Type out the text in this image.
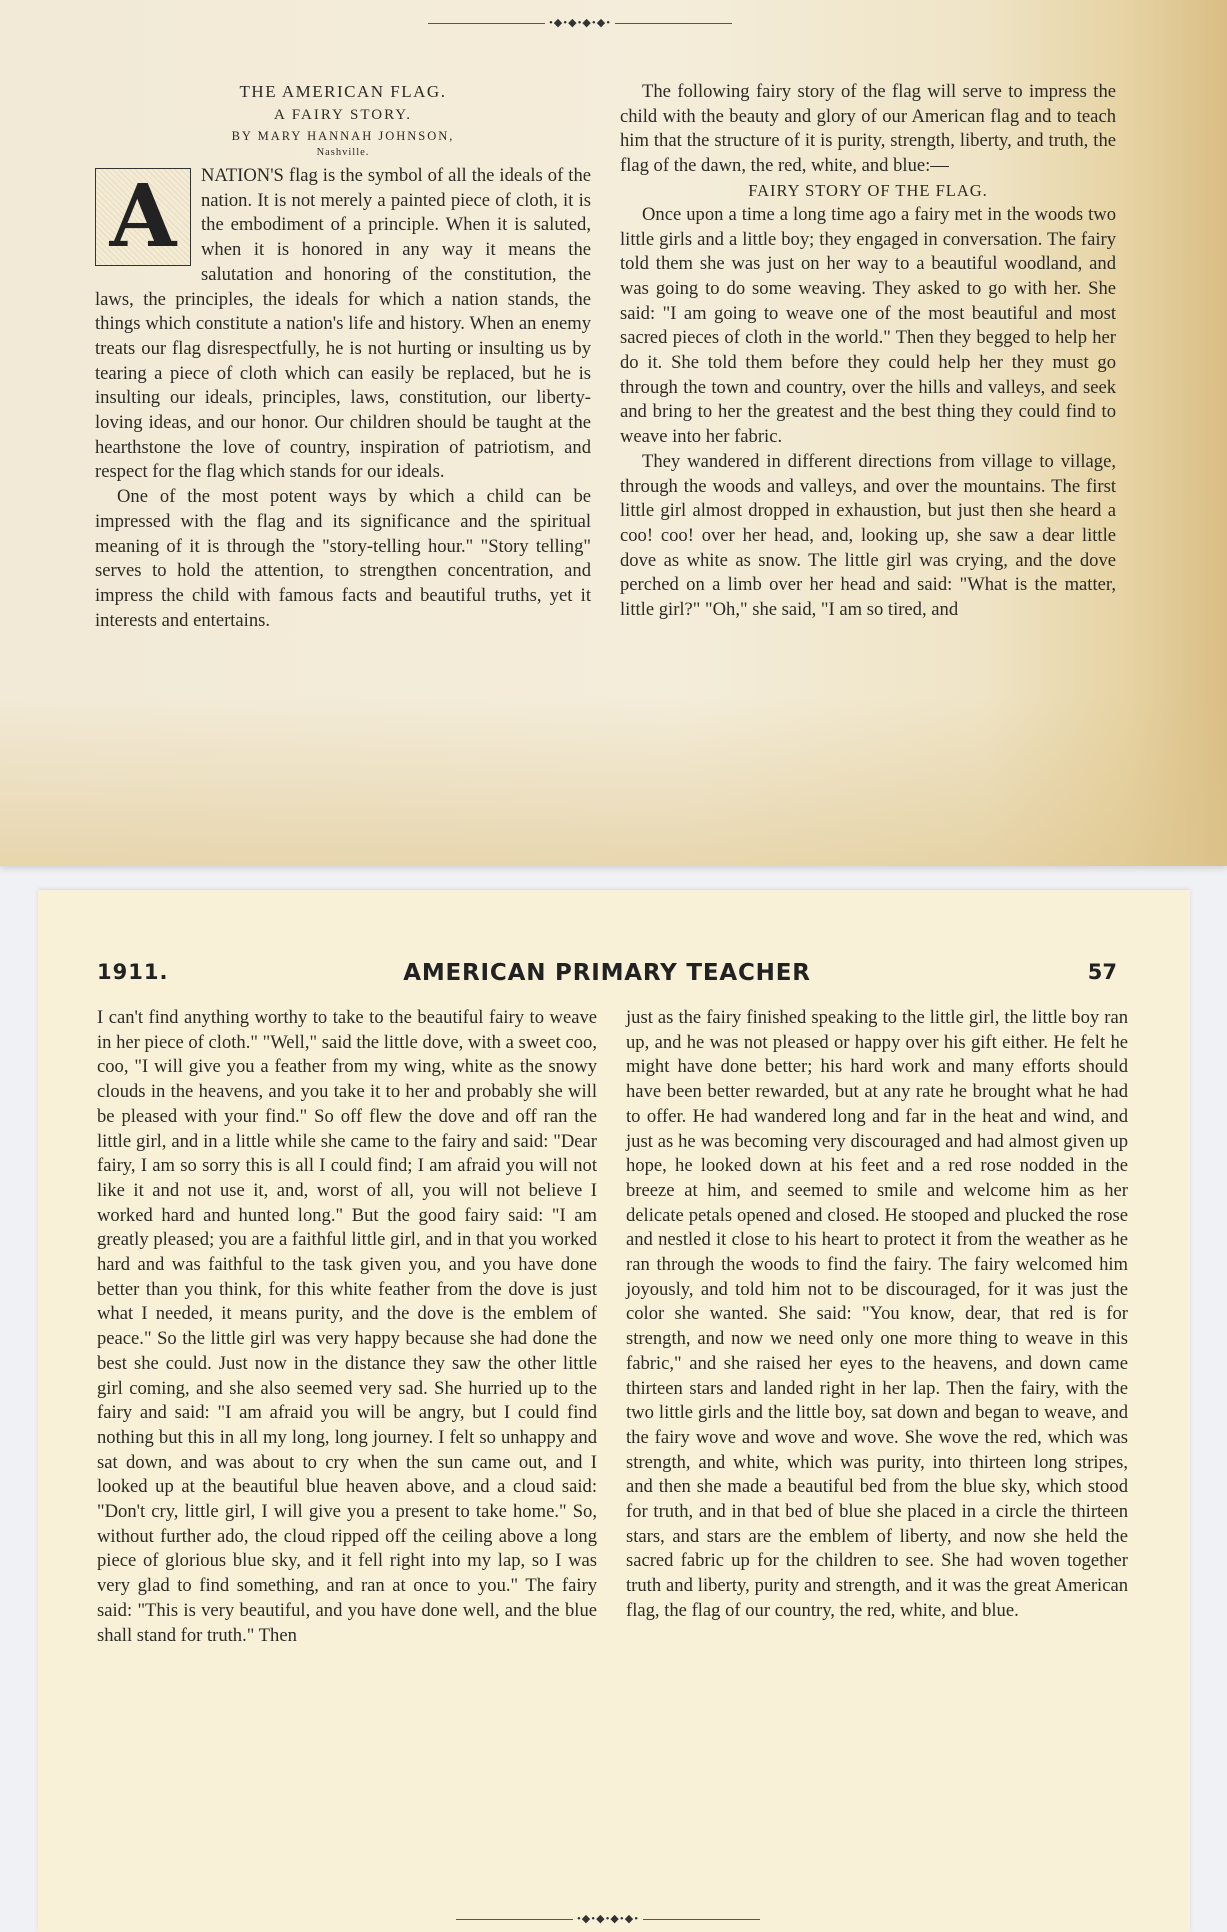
•◆•◆•◆•◆•
THE AMERICAN FLAG.
A FAIRY STORY.
BY MARY HANNAH JOHNSON,
Nashville.
A	NATION'S flag is the symbol of all the ideals of the nation. It is not merely a painted piece of cloth, it is the embodiment of a principle. When it is saluted, when it is honored in any way it means the salutation and honoring of the constitution, the laws, the principles, the ideals for which a nation stands, the things which constitute a nation's life and history. When an enemy treats our flag disrespectfully, he is not hurting or insulting us by tearing a piece of cloth which can easily be replaced, but he is insulting our ideals, principles, laws, constitution, our liberty-loving ideas, and our honor. Our children should be taught at the hearthstone the love of country, inspiration of patriotism, and respect for the flag which stands for our ideals.

One of the most potent ways by which a child can be impressed with the flag and its significance and the spiritual meaning of it is through the "story-telling hour." "Story telling" serves to hold the attention, to strengthen concentration, and impress the child with famous facts and beautiful truths, yet it interests and entertains.

The following fairy story of the flag will serve to impress the child with the beauty and glory of our American flag and to teach him that the structure of it is purity, strength, liberty, and truth, the flag of the dawn, the red, white, and blue:—

FAIRY STORY OF THE FLAG.

Once upon a time a long time ago a fairy met in the woods two little girls and a little boy; they engaged in conversation. The fairy told them she was just on her way to a beautiful woodland, and was going to do some weaving. They asked to go with her. She said: "I am going to weave one of the most beautiful and most sacred pieces of cloth in the world." Then they begged to help her do it. She told them before they could help her they must go through the town and country, over the hills and valleys, and seek and bring to her the greatest and the best thing they could find to weave into her fabric.

They wandered in different directions from village to village, through the woods and valleys, and over the mountains. The first little girl almost dropped in exhaustion, but just then she heard a coo! coo! over her head, and, looking up, she saw a dear little dove as white as snow. The little girl was crying, and the dove perched on a limb over her head and said: "What is the matter, little girl?" "Oh," she said, "I am so tired, and

1911.	AMERICAN PRIMARY TEACHER	57

I can't find anything worthy to take to the beautiful fairy to weave in her piece of cloth." "Well," said the little dove, with a sweet coo, coo, "I will give you a feather from my wing, white as the snowy clouds in the heavens, and you take it to her and probably she will be pleased with your find." So off flew the dove and off ran the little girl, and in a little while she came to the fairy and said: "Dear fairy, I am so sorry this is all I could find; I am afraid you will not like it and not use it, and, worst of all, you will not believe I worked hard and hunted long." But the good fairy said: "I am greatly pleased; you are a faithful little girl, and in that you worked hard and was faithful to the task given you, and you have done better than you think, for this white feather from the dove is just what I needed, it means purity, and the dove is the emblem of peace." So the little girl was very happy because she had done the best she could. Just now in the distance they saw the other little girl coming, and she also seemed very sad. She hurried up to the fairy and said: "I am afraid you will be angry, but I could find nothing but this in all my long, long journey. I felt so unhappy and sat down, and was about to cry when the sun came out, and I looked up at the beautiful blue heaven above, and a cloud said: "Don't cry, little girl, I will give you a present to take home." So, without further ado, the cloud ripped off the ceiling above a long piece of glorious blue sky, and it fell right into my lap, so I was very glad to find something, and ran at once to you." The fairy said: "This is very beautiful, and you have done well, and the blue shall stand for truth." Then

just as the fairy finished speaking to the little girl, the little boy ran up, and he was not pleased or happy over his gift either. He felt he might have done better; his hard work and many efforts should have been better rewarded, but at any rate he brought what he had to offer. He had wandered long and far in the heat and wind, and just as he was becoming very discouraged and had almost given up hope, he looked down at his feet and a red rose nodded in the breeze at him, and seemed to smile and welcome him as her delicate petals opened and closed. He stooped and plucked the rose and nestled it close to his heart to protect it from the weather as he ran through the woods to find the fairy. The fairy welcomed him joyously, and told him not to be discouraged, for it was just the color she wanted. She said: "You know, dear, that red is for strength, and now we need only one more thing to weave in this fabric," and she raised her eyes to the heavens, and down came thirteen stars and landed right in her lap. Then the fairy, with the two little girls and the little boy, sat down and began to weave, and the fairy wove and wove and wove. She wove the red, which was strength, and white, which was purity, into thirteen long stripes, and then she made a beautiful bed from the blue sky, which stood for truth, and in that bed of blue she placed in a circle the thirteen stars, and stars are the emblem of liberty, and now she held the sacred fabric up for the children to see. She had woven together truth and liberty, purity and strength, and it was the great American flag, the flag of our country, the red, white, and blue.

•◆•◆•◆•◆•
